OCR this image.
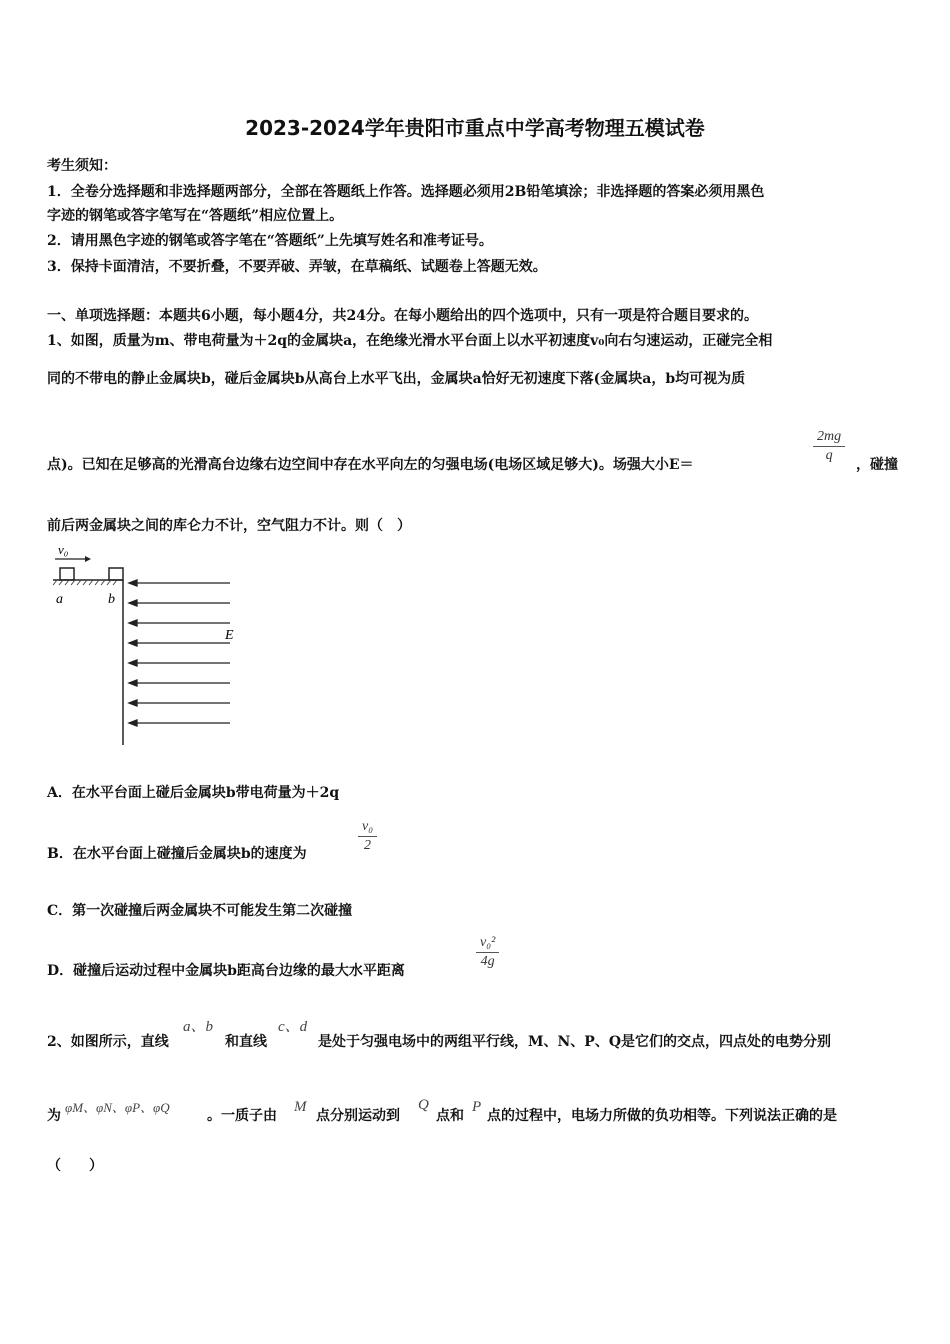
2023-2024学年贵阳市重点中学高考物理五模试卷
考生须知：
1．全卷分选择题和非选择题两部分，全部在答题纸上作答。选择题必须用2B铅笔填涂；非选择题的答案必须用黑色
字迹的钢笔或答字笔写在“答题纸”相应位置上。
2．请用黑色字迹的钢笔或答字笔在“答题纸”上先填写姓名和准考证号。
3．保持卡面清洁，不要折叠，不要弄破、弄皱，在草稿纸、试题卷上答题无效。
一、单项选择题：本题共6小题，每小题4分，共24分。在每小题给出的四个选项中，只有一项是符合题目要求的。
1、如图，质量为m、带电荷量为＋2q的金属块a，在绝缘光滑水平台面上以水平初速度v₀向右匀速运动，正碰完全相
同的不带电的静止金属块b，碰后金属块b从高台上水平飞出，金属块a恰好无初速度下落(金属块a，b均可视为质
点)。已知在足够高的光滑高台边缘右边空间中存在水平向左的匀强电场(电场区域足够大)。场强大小E＝	$\frac{2mg}{q}$ ，碰撞
前后两金属块之间的库仑力不计，空气阻力不计。则（　）
v₀
a	b
E
A．在水平台面上碰后金属块b带电荷量为＋2q
B．在水平台面上碰撞后金属块b的速度为	$\frac{\text{v₀}}{2}$
C．第一次碰撞后两金属块不可能发生第二次碰撞
D．碰撞后运动过程中金属块b距高台边缘的最大水平距离	$\frac{\text{v₀²}}{4g}$
2、如图所示，直线
a、b
和直线
c、d
是处于匀强电场中的两组平行线，M、N、P、Q是它们的交点，四点处的电势分别
为
φM、φN、φP、φQ
。一质子由
M
点分别运动到
Q
点和
P
点的过程中，电场力所做的负功相等。下列说法正确的是
（　　）
